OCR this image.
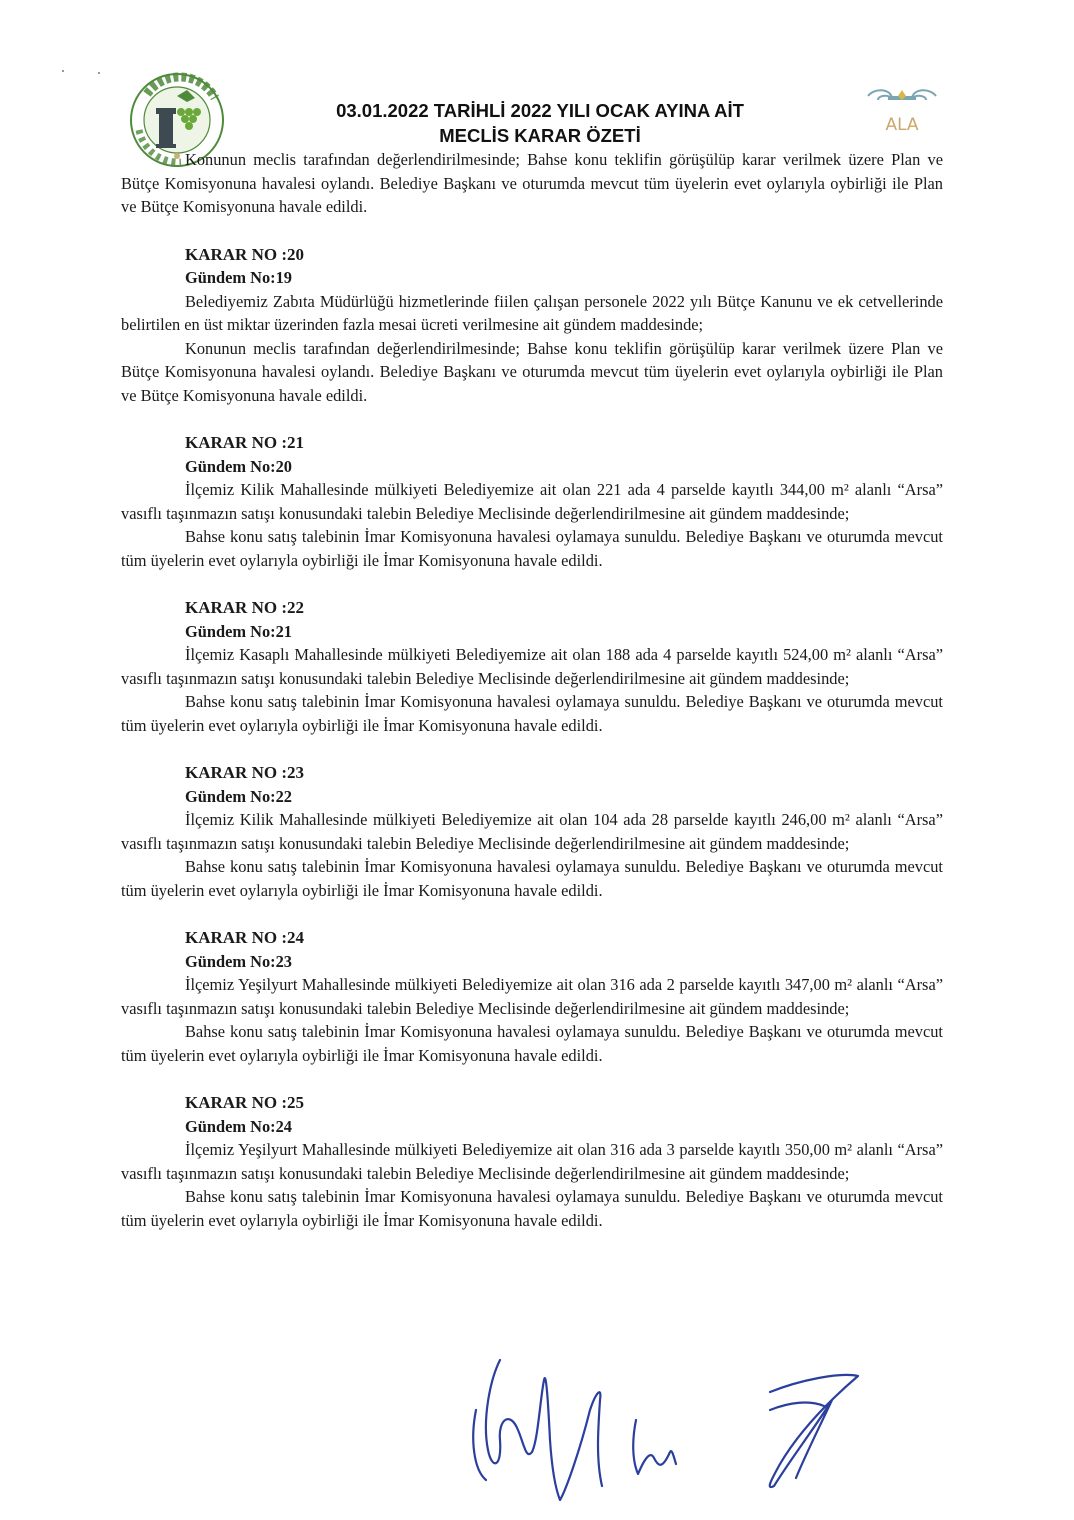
ALA
03.01.2022 TARİHLİ 2022 YILI OCAK AYINA AİT
MECLİS KARAR ÖZETİ

Konunun meclis tarafından değerlendirilmesinde; Bahse konu teklifin görüşülüp karar verilmek üzere Plan ve Bütçe Komisyonuna havalesi oylandı. Belediye Başkanı ve oturumda mevcut tüm üyelerin evet oylarıyla oybirliği ile Plan ve Bütçe Komisyonuna havale edildi.

KARAR NO :20
Gündem No:19

Belediyemiz Zabıta Müdürlüğü hizmetlerinde fiilen çalışan personele 2022 yılı Bütçe Kanunu ve ek cetvellerinde belirtilen en üst miktar üzerinden fazla mesai ücreti verilmesine ait gündem maddesinde;

Konunun meclis tarafından değerlendirilmesinde; Bahse konu teklifin görüşülüp karar verilmek üzere Plan ve Bütçe Komisyonuna havalesi oylandı. Belediye Başkanı ve oturumda mevcut tüm üyelerin evet oylarıyla oybirliği ile Plan ve Bütçe Komisyonuna havale edildi.

KARAR NO :21
Gündem No:20

İlçemiz Kilik Mahallesinde mülkiyeti Belediyemize ait olan 221 ada 4 parselde kayıtlı 344,00 m² alanlı “Arsa” vasıflı taşınmazın satışı konusundaki talebin Belediye Meclisinde değerlendirilmesine ait gündem maddesinde;

Bahse konu satış talebinin İmar Komisyonuna havalesi oylamaya sunuldu. Belediye Başkanı ve oturumda mevcut tüm üyelerin evet oylarıyla oybirliği ile İmar Komisyonuna havale edildi.

KARAR NO :22
Gündem No:21

İlçemiz Kasaplı Mahallesinde mülkiyeti Belediyemize ait olan 188 ada 4 parselde kayıtlı 524,00 m² alanlı “Arsa” vasıflı taşınmazın satışı konusundaki talebin Belediye Meclisinde değerlendirilmesine ait gündem maddesinde;

Bahse konu satış talebinin İmar Komisyonuna havalesi oylamaya sunuldu. Belediye Başkanı ve oturumda mevcut tüm üyelerin evet oylarıyla oybirliği ile İmar Komisyonuna havale edildi.

KARAR NO :23
Gündem No:22

İlçemiz Kilik Mahallesinde mülkiyeti Belediyemize ait olan 104 ada 28 parselde kayıtlı 246,00 m² alanlı “Arsa” vasıflı taşınmazın satışı konusundaki talebin Belediye Meclisinde değerlendirilmesine ait gündem maddesinde;

Bahse konu satış talebinin İmar Komisyonuna havalesi oylamaya sunuldu. Belediye Başkanı ve oturumda mevcut tüm üyelerin evet oylarıyla oybirliği ile İmar Komisyonuna havale edildi.

KARAR NO :24
Gündem No:23

İlçemiz Yeşilyurt Mahallesinde mülkiyeti Belediyemize ait olan 316 ada 2 parselde kayıtlı 347,00 m² alanlı “Arsa” vasıflı taşınmazın satışı konusundaki talebin Belediye Meclisinde değerlendirilmesine ait gündem maddesinde;

Bahse konu satış talebinin İmar Komisyonuna havalesi oylamaya sunuldu. Belediye Başkanı ve oturumda mevcut tüm üyelerin evet oylarıyla oybirliği ile İmar Komisyonuna havale edildi.

KARAR NO :25
Gündem No:24

İlçemiz Yeşilyurt Mahallesinde mülkiyeti Belediyemize ait olan 316 ada 3 parselde kayıtlı 350,00 m² alanlı “Arsa” vasıflı taşınmazın satışı konusundaki talebin Belediye Meclisinde değerlendirilmesine ait gündem maddesinde;

Bahse konu satış talebinin İmar Komisyonuna havalesi oylamaya sunuldu. Belediye Başkanı ve oturumda mevcut tüm üyelerin evet oylarıyla oybirliği ile İmar Komisyonuna havale edildi.
